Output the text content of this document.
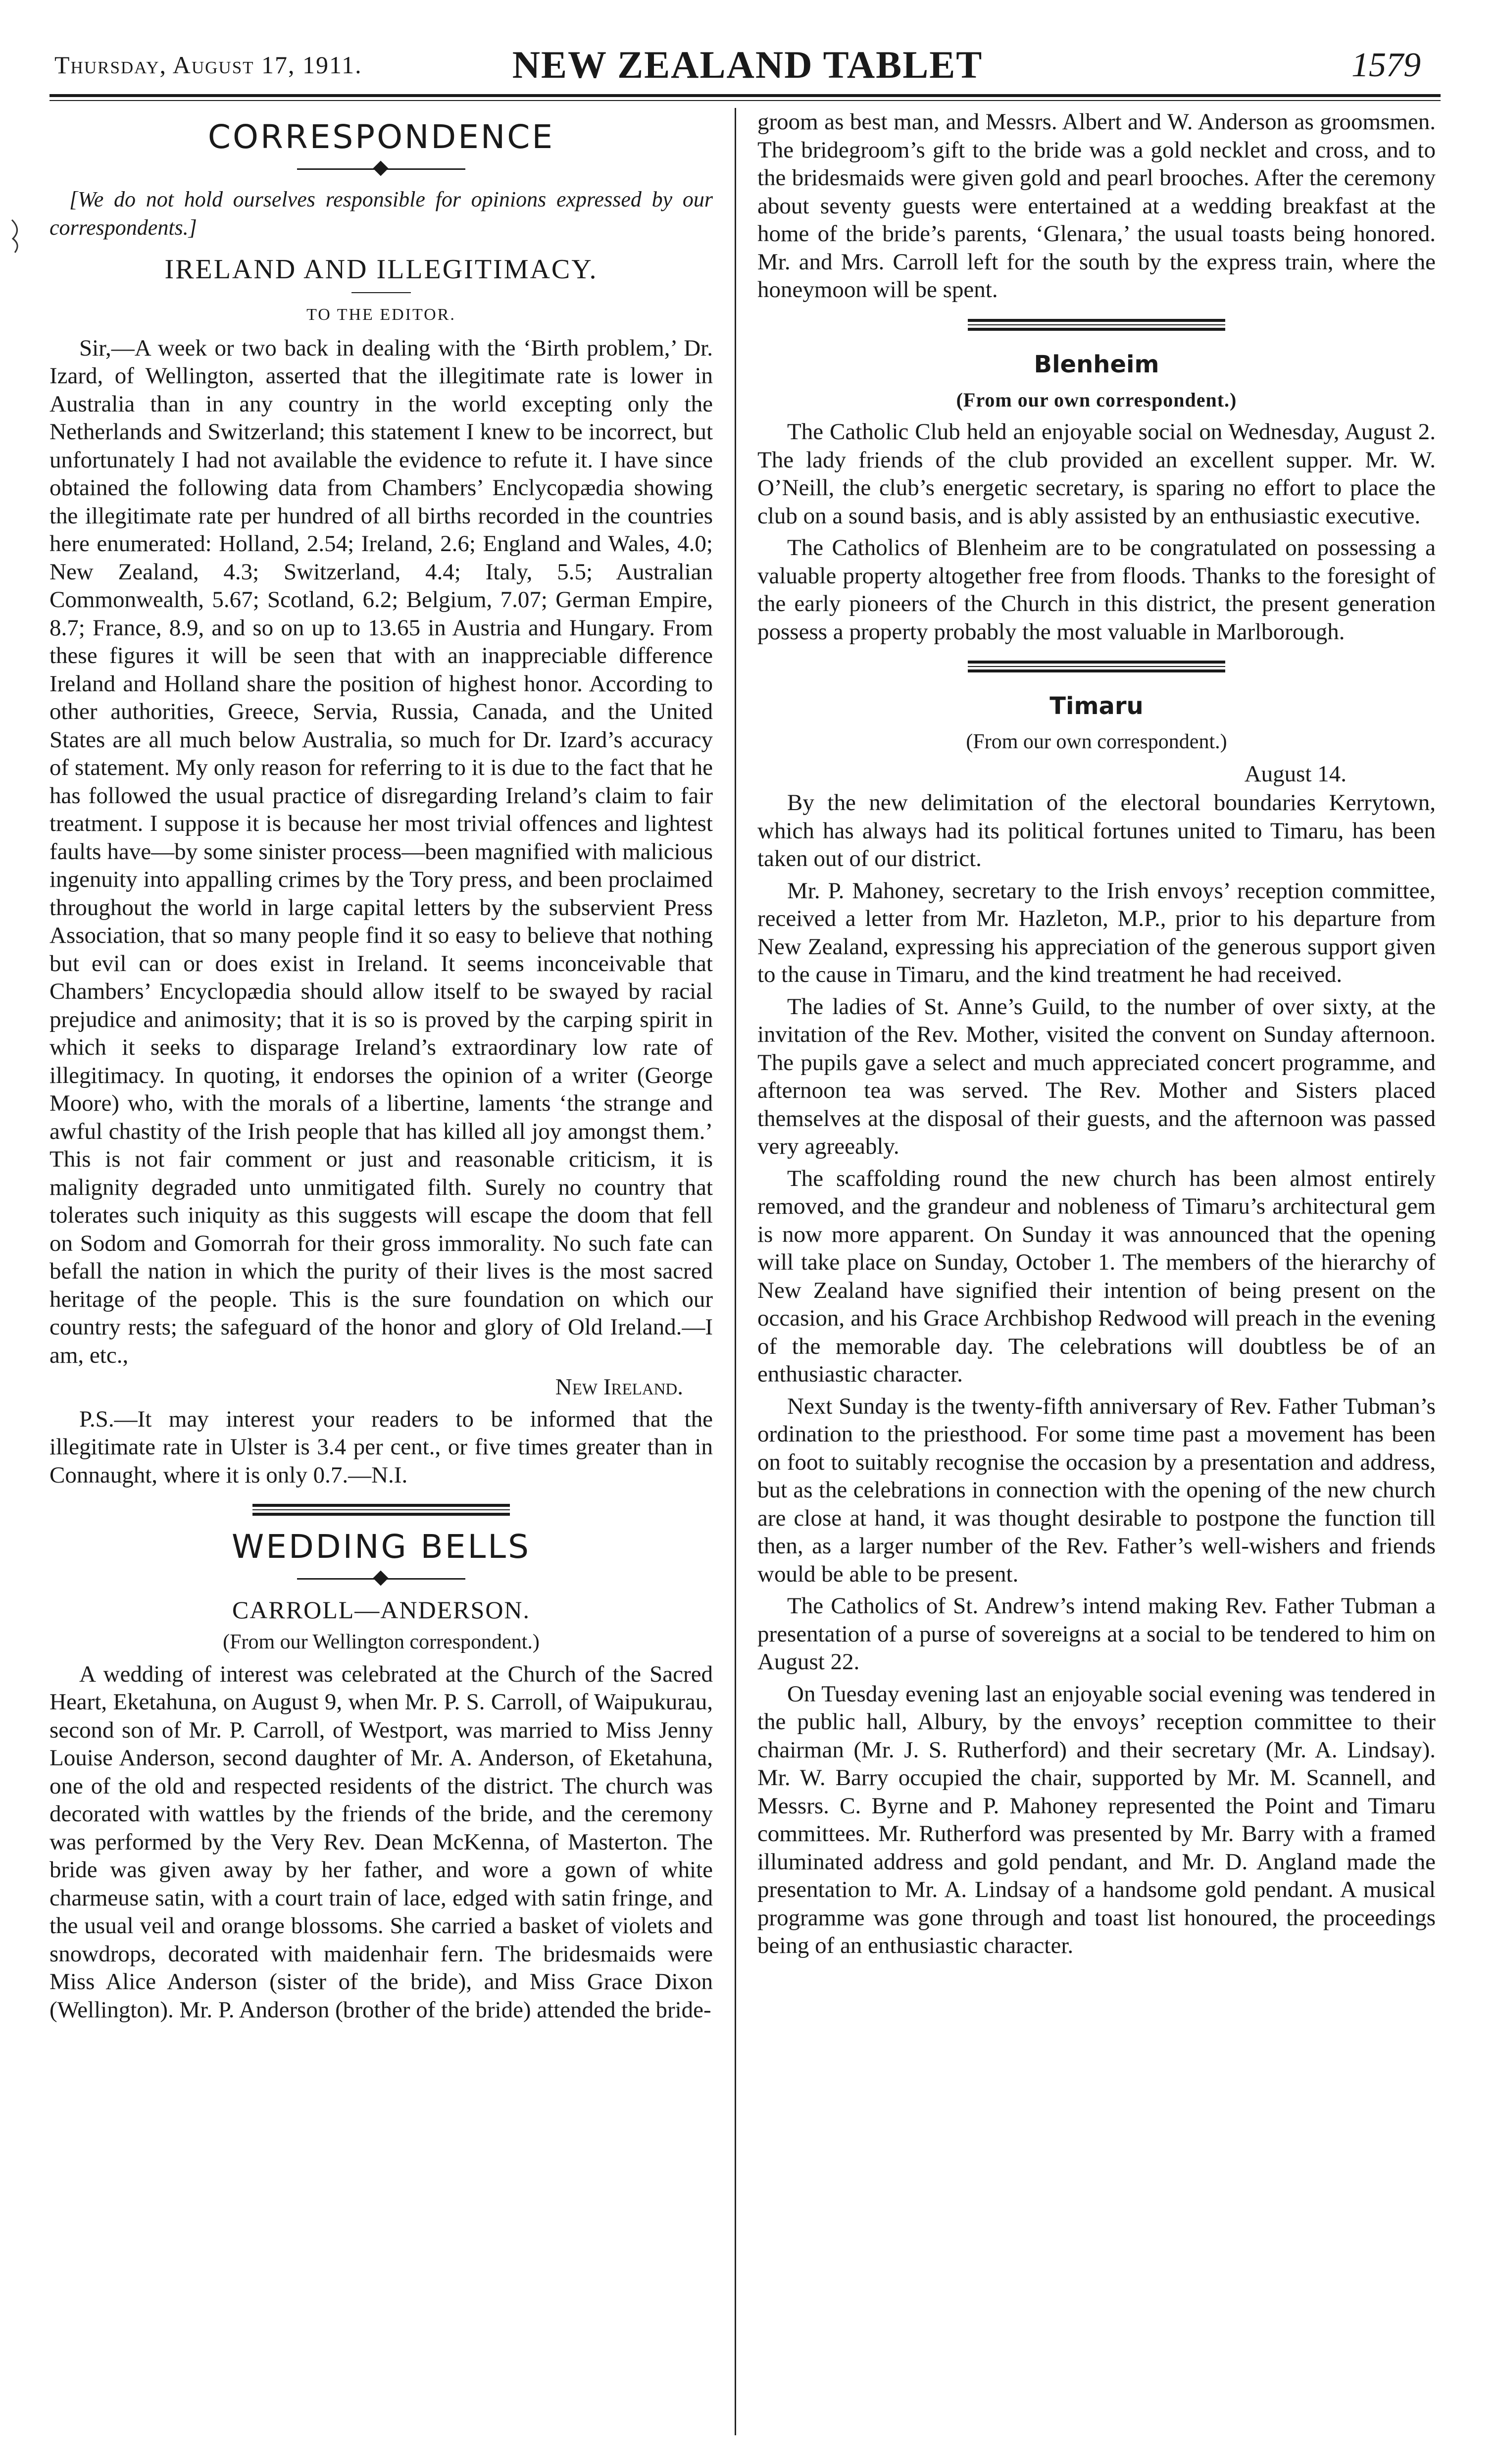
Thursday, August 17, 1911.	NEW ZEALAND TABLET	1579
CORRESPONDENCE

[We do not hold ourselves responsible for opinions expressed by our correspondents.]

IRELAND AND ILLEGITIMACY.

TO THE EDITOR.

Sir,—A week or two back in dealing with the ‘Birth problem,’ Dr. Izard, of Wellington, asserted that the illegitimate rate is lower in Australia than in any country in the world excepting only the Netherlands and Switzerland; this statement I knew to be incorrect, but unfortunately I had not available the evidence to refute it. I have since obtained the following data from Chambers’ Enclycopædia showing the illegitimate rate per hundred of all births recorded in the countries here enumerated: Holland, 2.54; Ireland, 2.6; England and Wales, 4.0; New Zealand, 4.3; Switzerland, 4.4; Italy, 5.5; Australian Commonwealth, 5.67; Scotland, 6.2; Belgium, 7.07; German Empire, 8.7; France, 8.9, and so on up to 13.65 in Austria and Hungary. From these figures it will be seen that with an inappreciable difference Ireland and Holland share the position of highest honor. According to other authorities, Greece, Servia, Russia, Canada, and the United States are all much below Australia, so much for Dr. Izard’s accuracy of statement. My only reason for referring to it is due to the fact that he has followed the usual practice of disregarding Ireland’s claim to fair treatment. I suppose it is because her most trivial offences and lightest faults have—by some sinister process—been magnified with malicious ingenuity into appalling crimes by the Tory press, and been proclaimed throughout the world in large capital letters by the subservient Press Association, that so many people find it so easy to believe that nothing but evil can or does exist in Ireland. It seems inconceivable that Chambers’ Encyclopædia should allow itself to be swayed by racial prejudice and animosity; that it is so is proved by the carping spirit in which it seeks to disparage Ireland’s extraordinary low rate of illegitimacy. In quoting, it endorses the opinion of a writer (George Moore) who, with the morals of a libertine, laments ‘the strange and awful chastity of the Irish people that has killed all joy amongst them.’ This is not fair comment or just and reasonable criticism, it is malignity degraded unto unmitigated filth. Surely no country that tolerates such iniquity as this suggests will escape the doom that fell on Sodom and Gomorrah for their gross immorality. No such fate can befall the nation in which the purity of their lives is the most sacred heritage of the people. This is the sure foundation on which our country rests; the safeguard of the honor and glory of Old Ireland.—I am, etc.,

New Ireland.

P.S.—It may interest your readers to be informed that the illegitimate rate in Ulster is 3.4 per cent., or five times greater than in Connaught, where it is only 0.7.—N.I.

WEDDING BELLS
CARROLL—ANDERSON.

(From our Wellington correspondent.)

A wedding of interest was celebrated at the Church of the Sacred Heart, Eketahuna, on August 9, when Mr. P. S. Carroll, of Waipukurau, second son of Mr. P. Carroll, of Westport, was married to Miss Jenny Louise Anderson, second daughter of Mr. A. Anderson, of Eketahuna, one of the old and respected residents of the district. The church was decorated with wattles by the friends of the bride, and the ceremony was performed by the Very Rev. Dean McKenna, of Masterton. The bride was given away by her father, and wore a gown of white charmeuse satin, with a court train of lace, edged with satin fringe, and the usual veil and orange blossoms. She carried a basket of violets and snowdrops, decorated with maidenhair fern. The bridesmaids were Miss Alice Anderson (sister of the bride), and Miss Grace Dixon (Wellington). Mr. P. Anderson (brother of the bride) attended the bride-

groom as best man, and Messrs. Albert and W. Anderson as groomsmen. The bridegroom’s gift to the bride was a gold necklet and cross, and to the bridesmaids were given gold and pearl brooches. After the ceremony about seventy guests were entertained at a wedding breakfast at the home of the bride’s parents, ‘Glenara,’ the usual toasts being honored. Mr. and Mrs. Carroll left for the south by the express train, where the honeymoon will be spent.

Blenheim

(From our own correspondent.)

The Catholic Club held an enjoyable social on Wednesday, August 2. The lady friends of the club provided an excellent supper. Mr. W. O’Neill, the club’s energetic secretary, is sparing no effort to place the club on a sound basis, and is ably assisted by an enthusiastic executive.

The Catholics of Blenheim are to be congratulated on possessing a valuable property altogether free from floods. Thanks to the foresight of the early pioneers of the Church in this district, the present generation possess a property probably the most valuable in Marlborough.

Timaru

(From our own correspondent.)

August 14.

By the new delimitation of the electoral boundaries Kerrytown, which has always had its political fortunes united to Timaru, has been taken out of our district.

Mr. P. Mahoney, secretary to the Irish envoys’ reception committee, received a letter from Mr. Hazleton, M.P., prior to his departure from New Zealand, expressing his appreciation of the generous support given to the cause in Timaru, and the kind treatment he had received.

The ladies of St. Anne’s Guild, to the number of over sixty, at the invitation of the Rev. Mother, visited the convent on Sunday afternoon. The pupils gave a select and much appreciated concert programme, and afternoon tea was served. The Rev. Mother and Sisters placed themselves at the disposal of their guests, and the afternoon was passed very agreeably.

The scaffolding round the new church has been almost entirely removed, and the grandeur and nobleness of Timaru’s architectural gem is now more apparent. On Sunday it was announced that the opening will take place on Sunday, October 1. The members of the hierarchy of New Zealand have signified their intention of being present on the occasion, and his Grace Archbishop Redwood will preach in the evening of the memorable day. The celebrations will doubtless be of an enthusiastic character.

Next Sunday is the twenty-fifth anniversary of Rev. Father Tubman’s ordination to the priesthood. For some time past a movement has been on foot to suitably recognise the occasion by a presentation and address, but as the celebrations in connection with the opening of the new church are close at hand, it was thought desirable to postpone the function till then, as a larger number of the Rev. Father’s well-wishers and friends would be able to be present.

The Catholics of St. Andrew’s intend making Rev. Father Tubman a presentation of a purse of sovereigns at a social to be tendered to him on August 22.

On Tuesday evening last an enjoyable social evening was tendered in the public hall, Albury, by the envoys’ reception committee to their chairman (Mr. J. S. Rutherford) and their secretary (Mr. A. Lindsay). Mr. W. Barry occupied the chair, supported by Mr. M. Scannell, and Messrs. C. Byrne and P. Mahoney represented the Point and Timaru committees. Mr. Rutherford was presented by Mr. Barry with a framed illuminated address and gold pendant, and Mr. D. Angland made the presentation to Mr. A. Lindsay of a handsome gold pendant. A musical programme was gone through and toast list honoured, the proceedings being of an enthusiastic character.
